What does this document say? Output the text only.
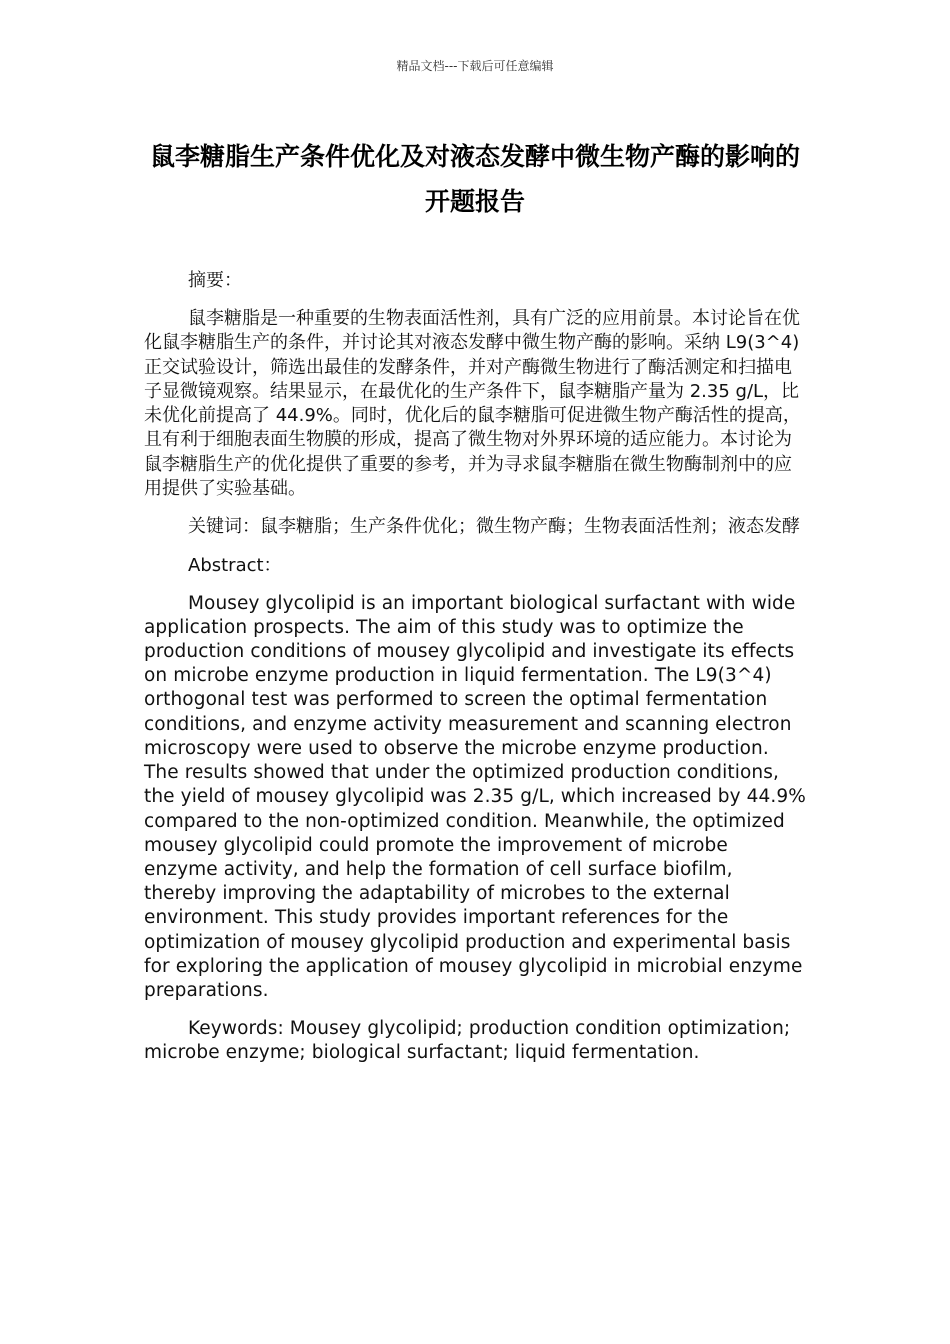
精品文档---下载后可任意编辑
鼠李糖脂生产条件优化及对液态发酵中微生物产酶的影响的开题报告

摘要：

鼠李糖脂是一种重要的生物表面活性剂，具有广泛的应用前景。本讨论旨在优化鼠李糖脂生产的条件，并讨论其对液态发酵中微生物产酶的影响。采纳 L9(3^4)正交试验设计，筛选出最佳的发酵条件，并对产酶微生物进行了酶活测定和扫描电子显微镜观察。结果显示，在最优化的生产条件下，鼠李糖脂产量为 2.35 g/L，比未优化前提高了 44.9%。同时，优化后的鼠李糖脂可促进微生物产酶活性的提高，且有利于细胞表面生物膜的形成，提高了微生物对外界环境的适应能力。本讨论为鼠李糖脂生产的优化提供了重要的参考，并为寻求鼠李糖脂在微生物酶制剂中的应用提供了实验基础。

关键词：鼠李糖脂；生产条件优化；微生物产酶；生物表面活性剂；液态发酵

Abstract：

Mousey glycolipid is an important biological surfactant with wide application prospects. The aim of this study was to optimize the production conditions of mousey glycolipid and investigate its effects on microbe enzyme production in liquid fermentation. The L9(3^4) orthogonal test was performed to screen the optimal fermentation conditions, and enzyme activity measurement and scanning electron microscopy were used to observe the microbe enzyme production. The results showed that under the optimized production conditions, the yield of mousey glycolipid was 2.35 g/L, which increased by 44.9% compared to the non-optimized condition. Meanwhile, the optimized mousey glycolipid could promote the improvement of microbe enzyme activity, and help the formation of cell surface biofilm, thereby improving the adaptability of microbes to the external environment. This study provides important references for the optimization of mousey glycolipid production and experimental basis for exploring the application of mousey glycolipid in microbial enzyme preparations.

Keywords: Mousey glycolipid; production condition optimization; microbe enzyme; biological surfactant; liquid fermentation.
